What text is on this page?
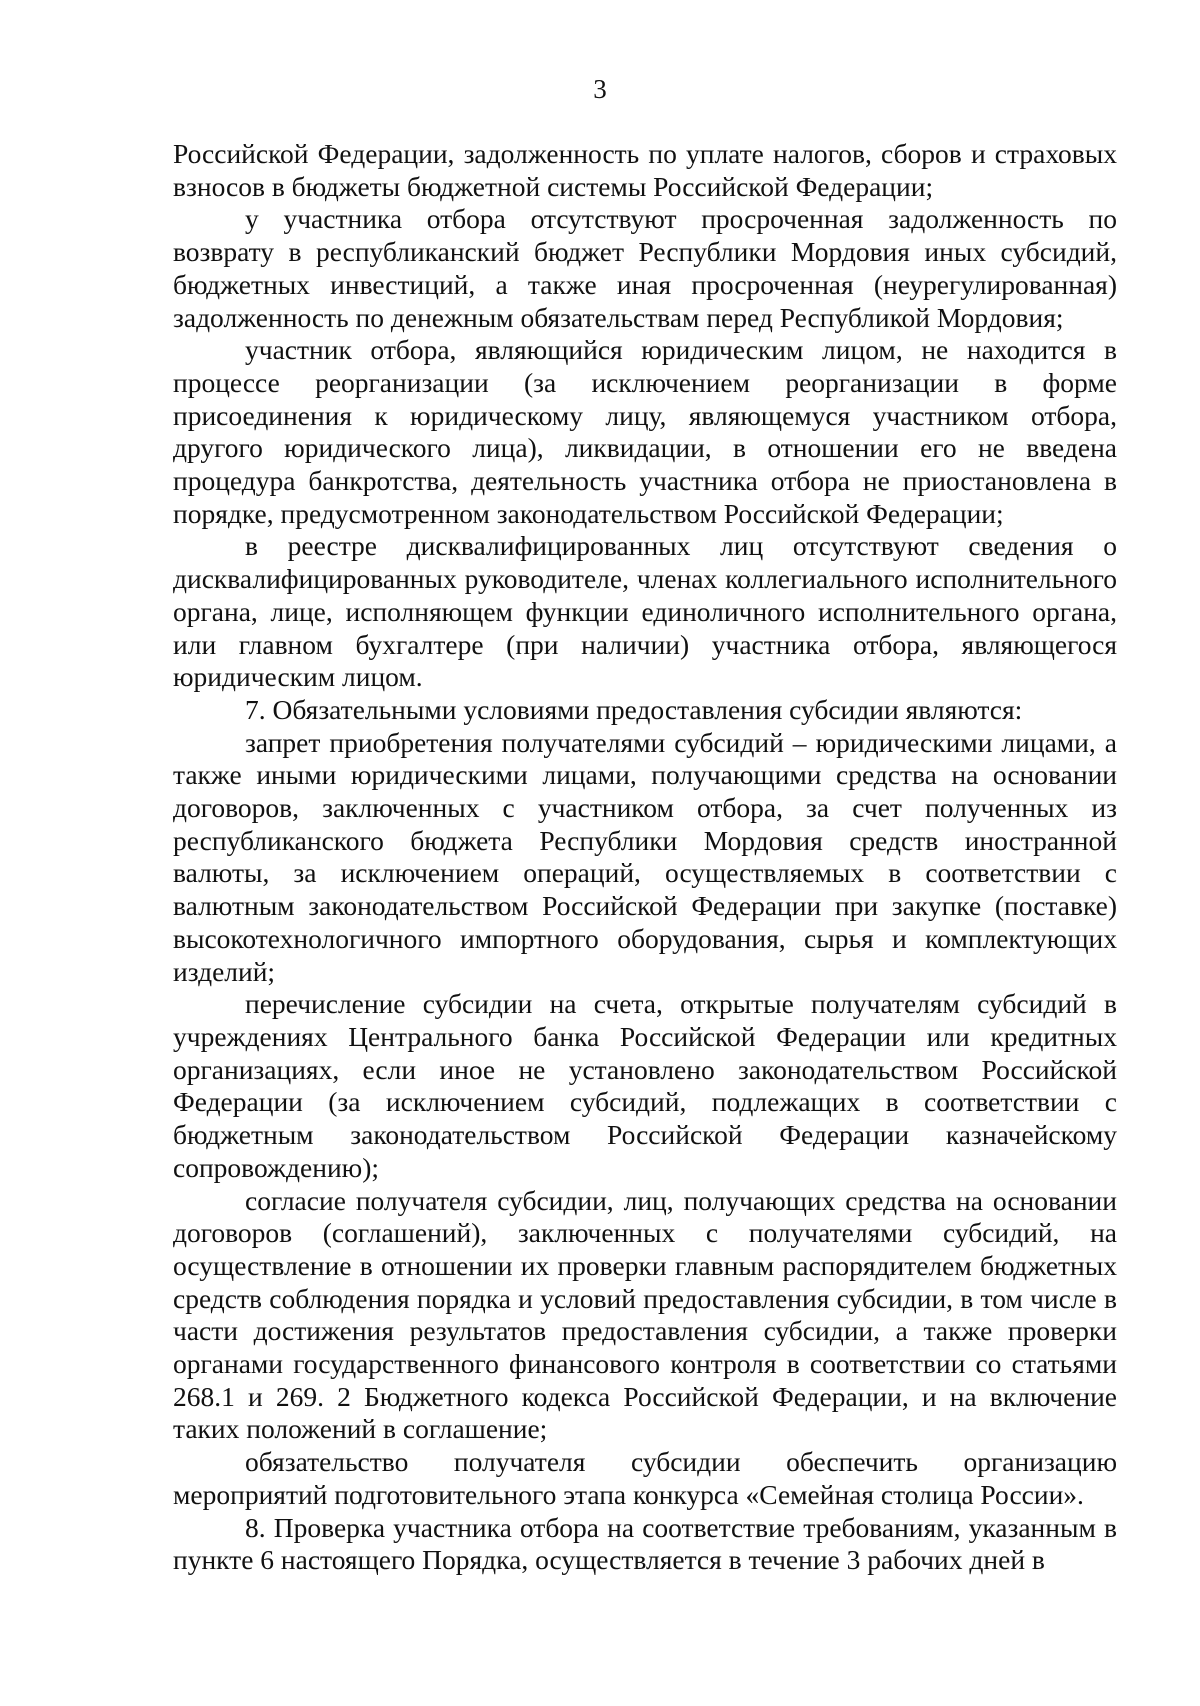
3

Российской Федерации, задолженность по уплате налогов, сборов и страховых взносов в бюджеты бюджетной системы Российской Федерации;

у участника отбора отсутствуют просроченная задолженность по возврату в республиканский бюджет Республики Мордовия иных субсидий, бюджетных инвестиций, а также иная просроченная (неурегулированная) задолженность по денежным обязательствам перед Республикой Мордовия;

участник отбора, являющийся юридическим лицом, не находится в процессе реорганизации (за исключением реорганизации в форме присоединения к юридическому лицу, являющемуся участником отбора, другого юридического лица), ликвидации, в отношении его не введена процедура банкротства, деятельность участника отбора не приостановлена в порядке, предусмотренном законодательством Российской Федерации;

в реестре дисквалифицированных лиц отсутствуют сведения о дисквалифицированных руководителе, членах коллегиального исполнительного органа, лице, исполняющем функции единоличного исполнительного органа, или главном бухгалтере (при наличии) участника отбора, являющегося юридическим лицом.

7. Обязательными условиями предоставления субсидии являются:

запрет приобретения получателями субсидий – юридическими лицами, а также иными юридическими лицами, получающими средства на основании договоров, заключенных с участником отбора, за счет полученных из республиканского бюджета Республики Мордовия средств иностранной валюты, за исключением операций, осуществляемых в соответствии с валютным законодательством Российской Федерации при закупке (поставке) высокотехнологичного импортного оборудования, сырья и комплектующих изделий;

перечисление субсидии на счета, открытые получателям субсидий в учреждениях Центрального банка Российской Федерации или кредитных организациях, если иное не установлено законодательством Российской Федерации (за исключением субсидий, подлежащих в соответствии с бюджетным законодательством Российской Федерации казначейскому сопровождению);

согласие получателя субсидии, лиц, получающих средства на основании договоров (соглашений), заключенных с получателями субсидий, на осуществление в отношении их проверки главным распорядителем бюджетных средств соблюдения порядка и условий предоставления субсидии, в том числе в части достижения результатов предоставления субсидии, а также проверки органами государственного финансового контроля в соответствии со статьями 268.1 и 269. 2 Бюджетного кодекса Российской Федерации, и на включение таких положений в соглашение;

обязательство получателя субсидии обеспечить организацию мероприятий подготовительного этапа конкурса «Семейная столица России».

8. Проверка участника отбора на соответствие требованиям, указанным в пункте 6 настоящего Порядка, осуществляется в течение 3 рабочих дней в
